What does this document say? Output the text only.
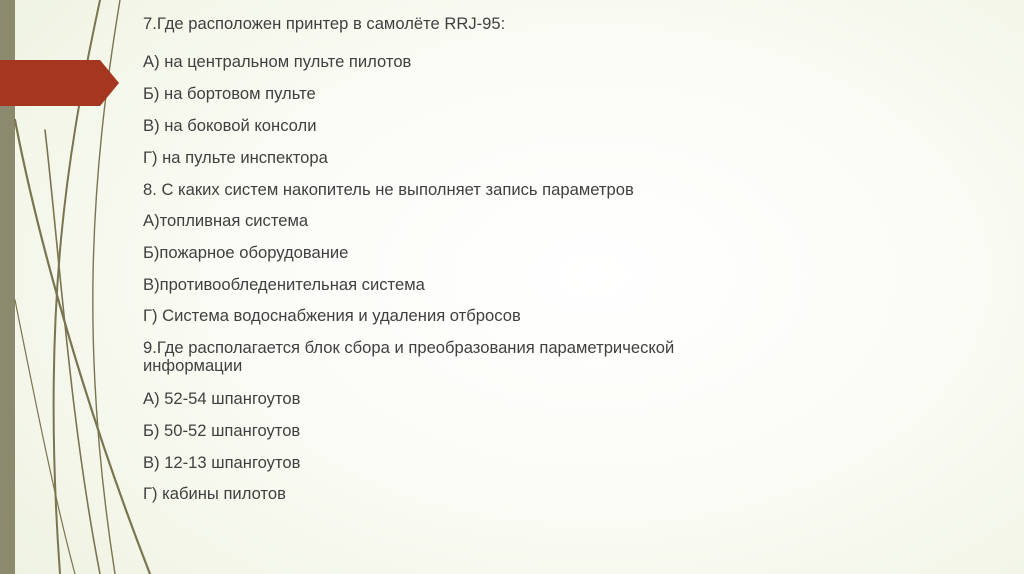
7.Где расположен принтер в самолёте RRJ-95:
А) на центральном пульте пилотов
Б) на бортовом пульте
В) на боковой консоли
Г) на пульте инспектора
8. С каких систем накопитель не выполняет запись параметров
А)топливная система
Б)пожарное оборудование
В)противообледенительная система
Г) Система водоснабжения и удаления отбросов
9.Где располагается блок сбора и преобразования параметрической
информации
А) 52-54 шпангоутов
Б) 50-52 шпангоутов
В) 12-13 шпангоутов
Г) кабины пилотов
